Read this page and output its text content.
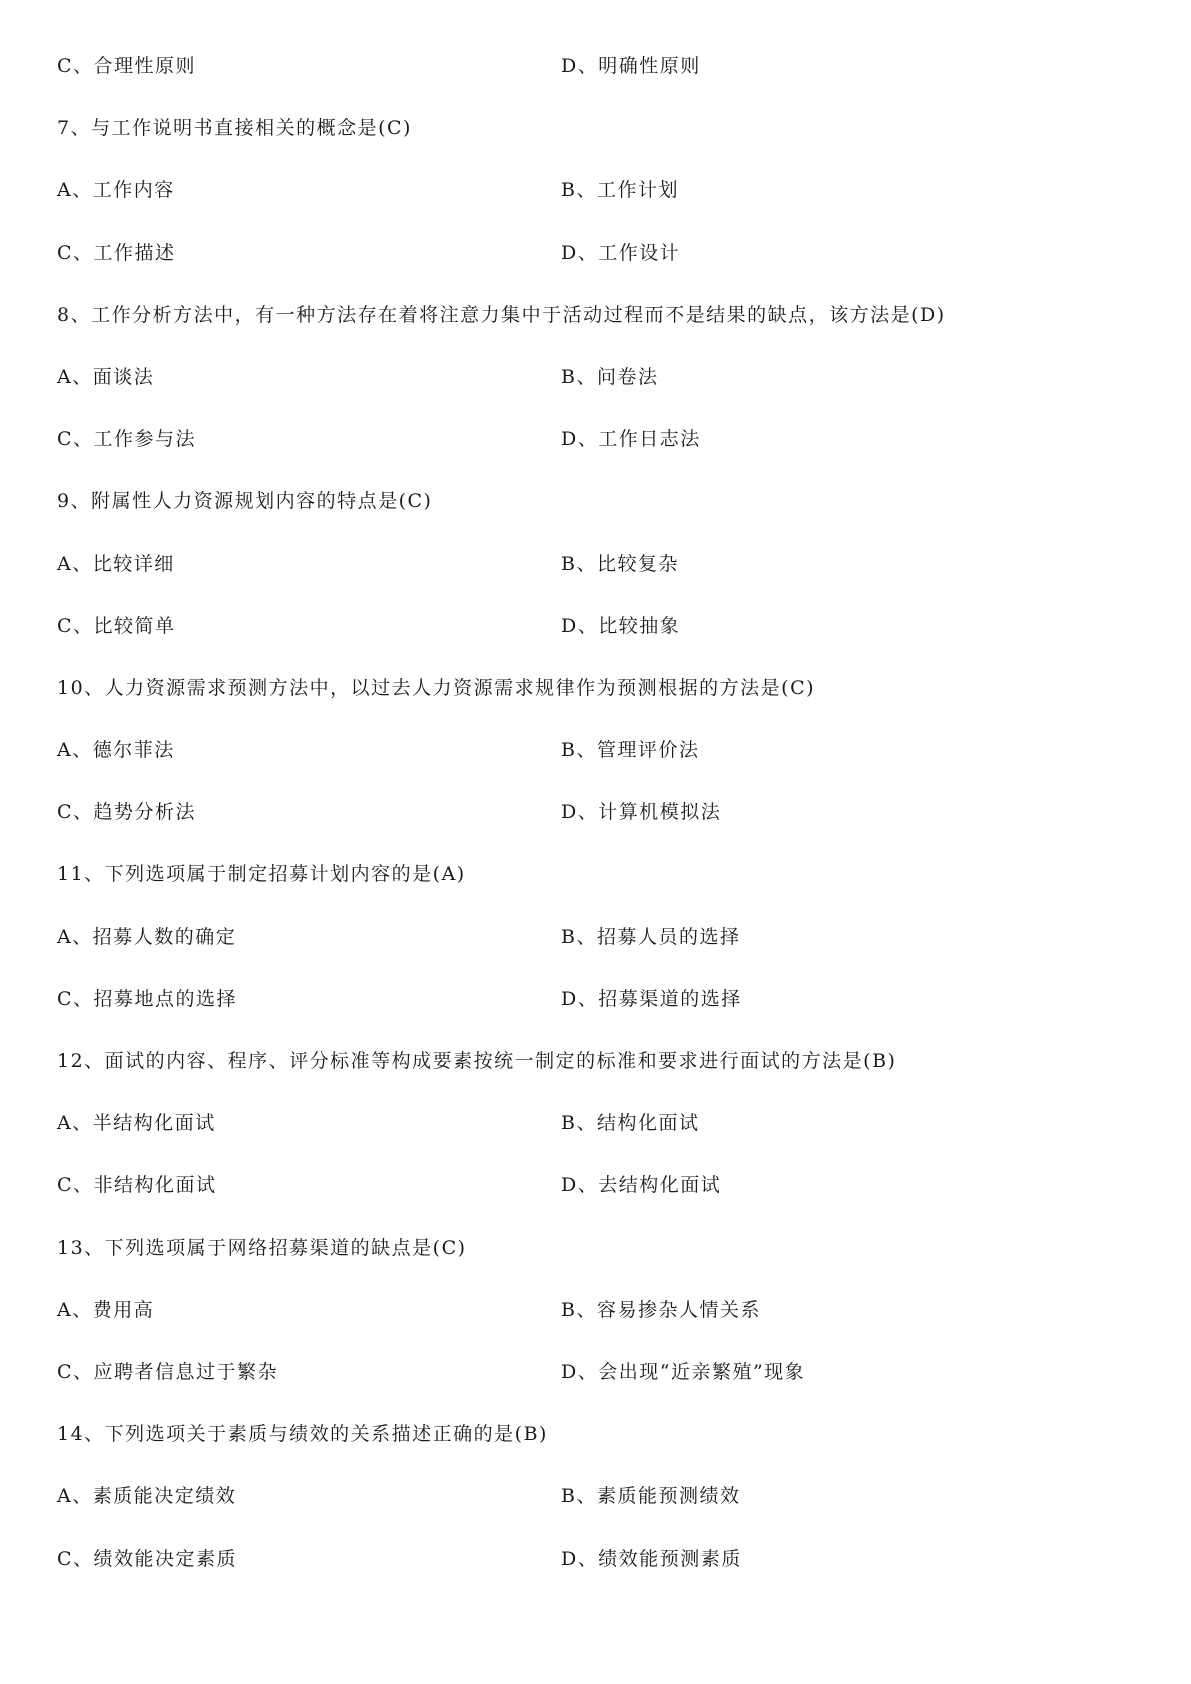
C、合理性原则	D、明确性原则
7、与工作说明书直接相关的概念是(C)
A、工作内容	B、工作计划
C、工作描述	D、工作设计
8、工作分析方法中，有一种方法存在着将注意力集中于活动过程而不是结果的缺点，该方法是(D)
A、面谈法	B、问卷法
C、工作参与法	D、工作日志法
9、附属性人力资源规划内容的特点是(C)
A、比较详细	B、比较复杂
C、比较简单	D、比较抽象
10、人力资源需求预测方法中，以过去人力资源需求规律作为预测根据的方法是(C)
A、德尔菲法	B、管理评价法
C、趋势分析法	D、计算机模拟法
11、下列选项属于制定招募计划内容的是(A)
A、招募人数的确定	B、招募人员的选择
C、招募地点的选择	D、招募渠道的选择
12、面试的内容、程序、评分标准等构成要素按统一制定的标准和要求进行面试的方法是(B)
A、半结构化面试	B、结构化面试
C、非结构化面试	D、去结构化面试
13、下列选项属于网络招募渠道的缺点是(C)
A、费用高	B、容易掺杂人情关系
C、应聘者信息过于繁杂	D、会出现“近亲繁殖”现象
14、下列选项关于素质与绩效的关系描述正确的是(B)
A、素质能决定绩效	B、素质能预测绩效
C、绩效能决定素质	D、绩效能预测素质
